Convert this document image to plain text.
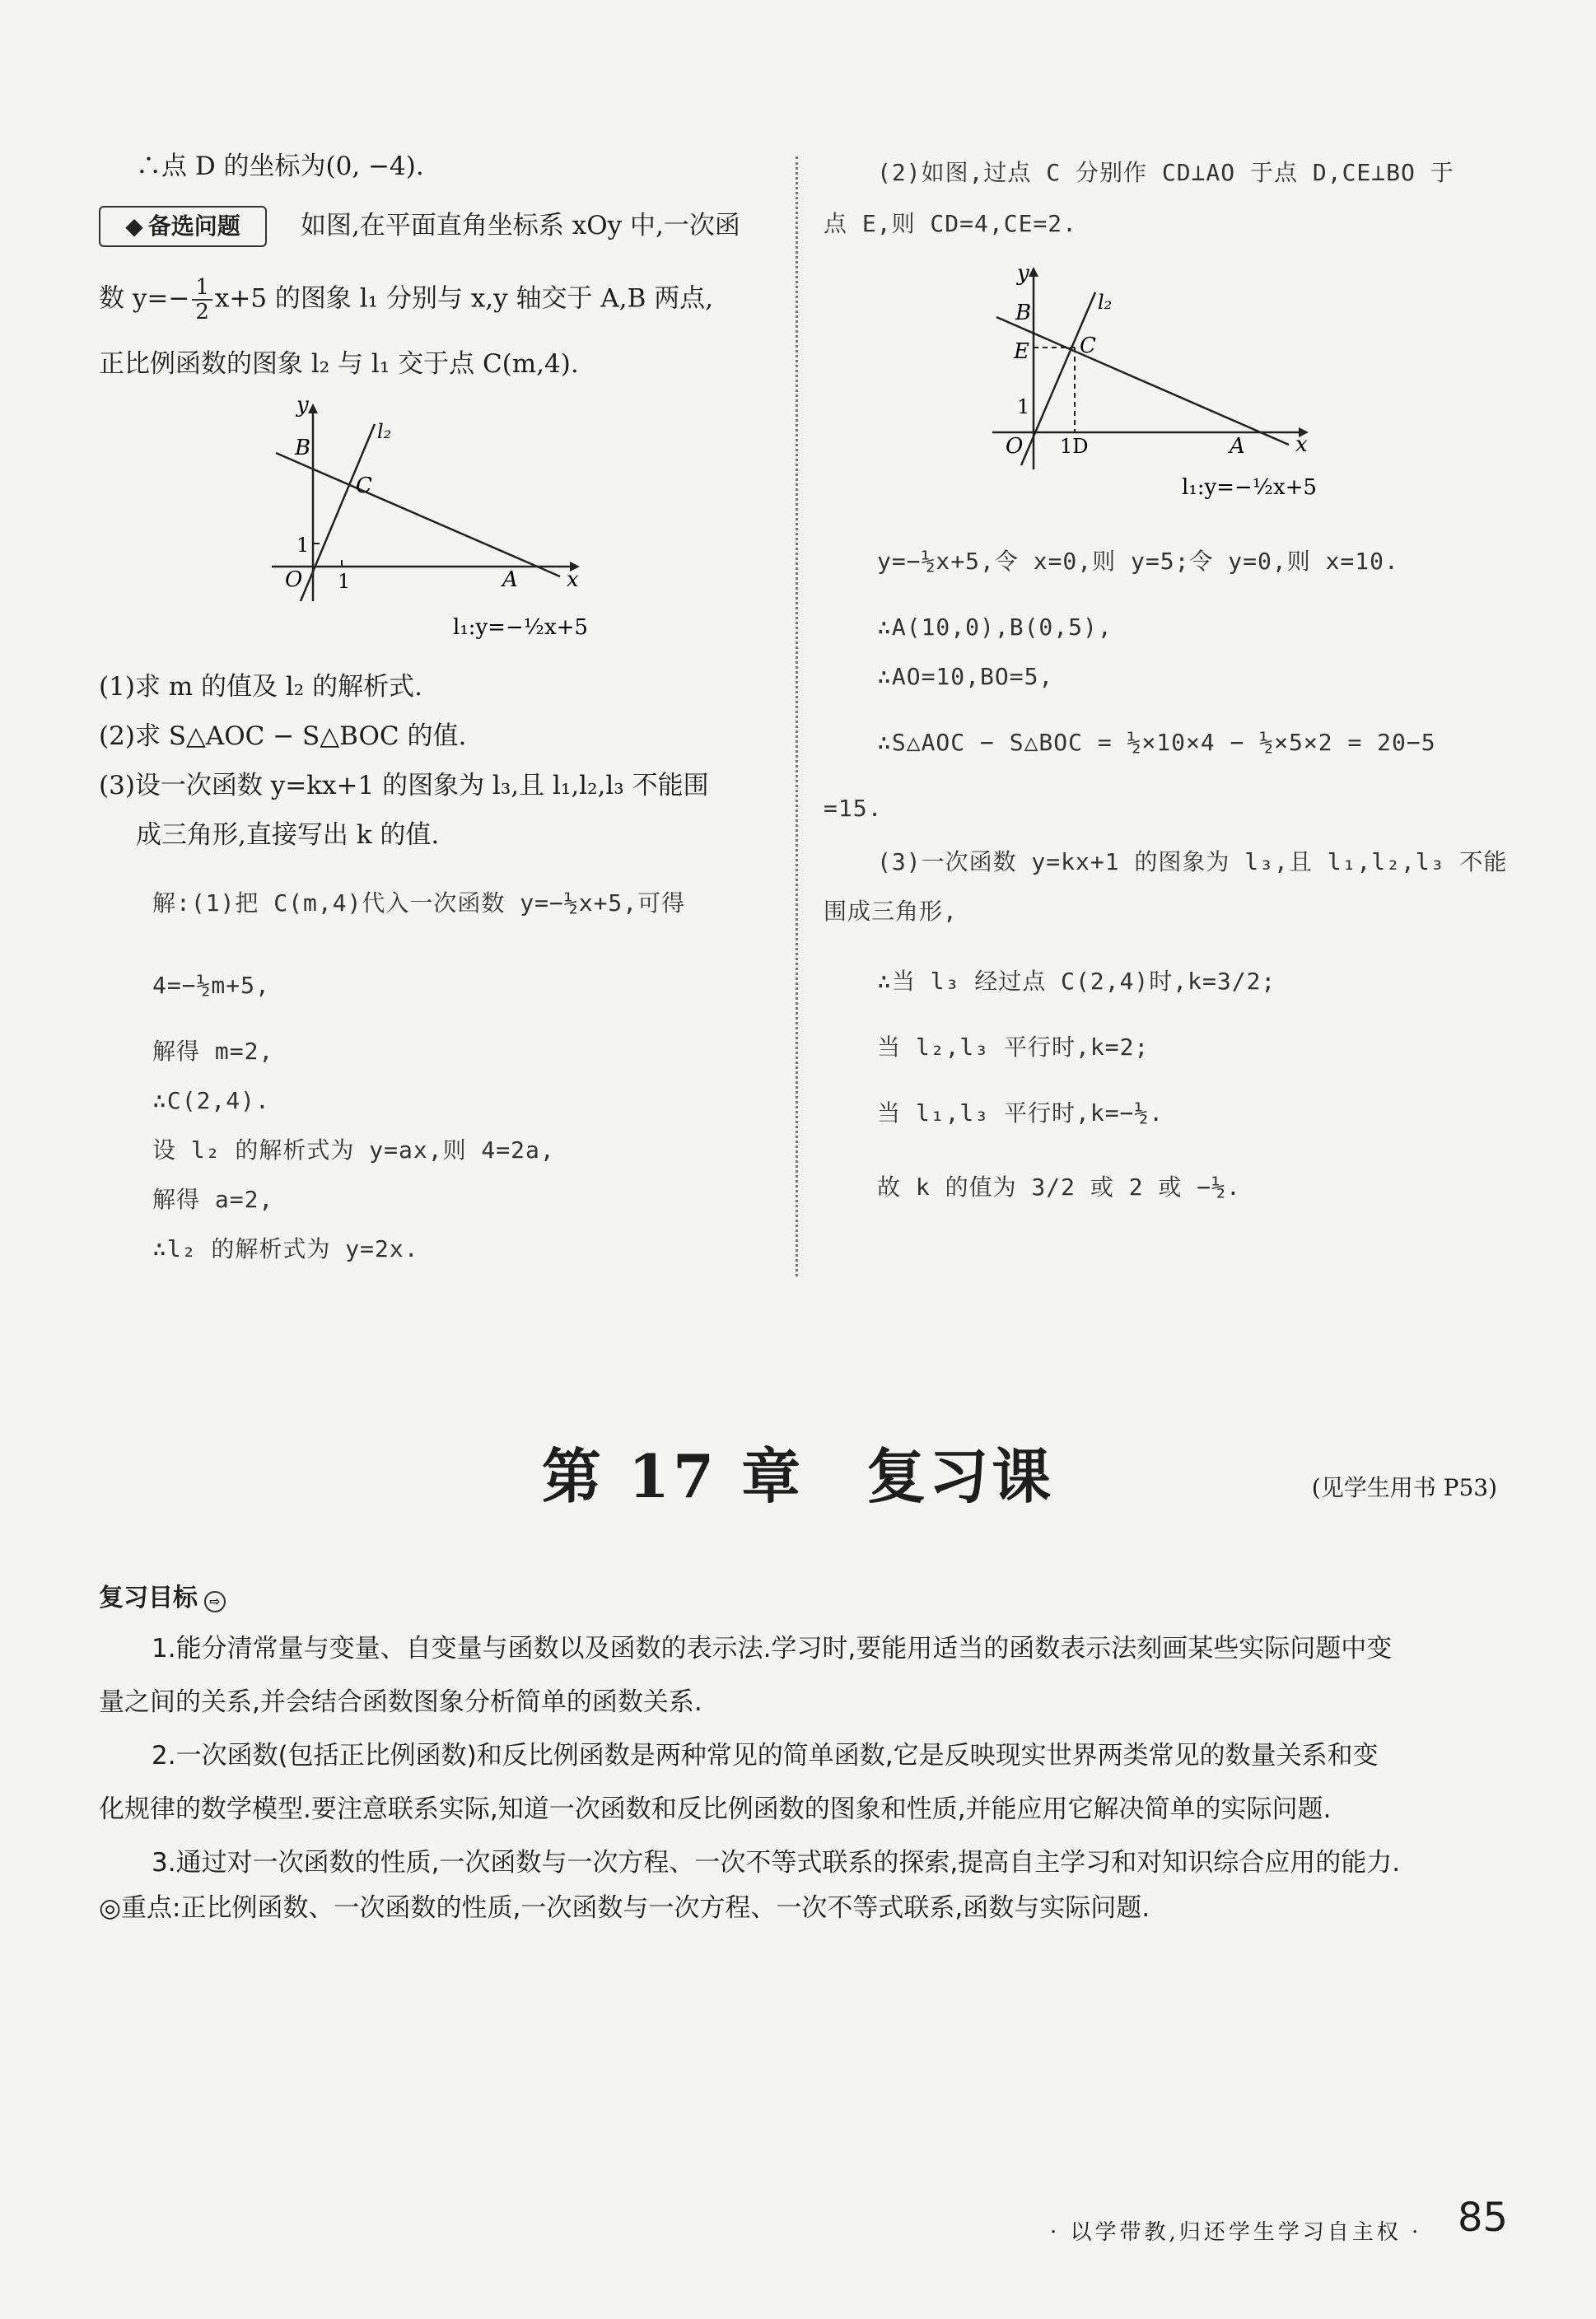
∴点 D 的坐标为(0, −4).
◆ 备选问题	如图,在平面直角坐标系 xOy 中,一次函
数 $y=- \frac{1}{2} x+5$ 的图象 l₁ 分别与 x,y 轴交于 A,B 两点,
正比例函数的图象 l₂ 与 l₁ 交于点 C(m,4).
y
x
B
C
O	A
l₂
1
1
l₁:y=−½x+5
(1)求 m 的值及 l₂ 的解析式.
(2)求 S△AOC − S△BOC 的值.
(3)设一次函数 y=kx+1 的图象为 l₃,且 l₁,l₂,l₃ 不能围
成三角形,直接写出 k 的值.
解:(1)把 C(m,4)代入一次函数 y=−½x+5,可得
4=−½m+5,
解得 m=2,
∴C(2,4).
设 l₂ 的解析式为 y=ax,则 4=2a,
解得 a=2,
∴l₂ 的解析式为 y=2x.
(2)如图,过点 C 分别作 CD⊥AO 于点 D,CE⊥BO 于
点 E,则 CD=4,CE=2.
y
x
B
E C
O	A
l₂
1
1D
l₁:y=−½x+5
y=−½x+5,令 x=0,则 y=5;令 y=0,则 x=10.
∴A(10,0),B(0,5),
∴AO=10,BO=5,
∴S△AOC − S△BOC = ½×10×4 − ½×5×2 = 20−5
=15.
(3)一次函数 y=kx+1 的图象为 l₃,且 l₁,l₂,l₃ 不能
围成三角形,
∴当 l₃ 经过点 C(2,4)时,k=3/2;
当 l₂,l₃ 平行时,k=2;
当 l₁,l₃ 平行时,k=−½.
故 k 的值为 3/2 或 2 或 −½.
第 17 章　复习课	(见学生用书 P53)
复习目标 ⇨
1.能分清常量与变量、自变量与函数以及函数的表示法.学习时,要能用适当的函数表示法刻画某些实际问题中变
量之间的关系,并会结合函数图象分析简单的函数关系.
2.一次函数(包括正比例函数)和反比例函数是两种常见的简单函数,它是反映现实世界两类常见的数量关系和变
化规律的数学模型.要注意联系实际,知道一次函数和反比例函数的图象和性质,并能应用它解决简单的实际问题.
3.通过对一次函数的性质,一次函数与一次方程、一次不等式联系的探索,提高自主学习和对知识综合应用的能力.
◎重点:正比例函数、一次函数的性质,一次函数与一次方程、一次不等式联系,函数与实际问题.
· 以学带教,归还学生学习自主权 · 85
